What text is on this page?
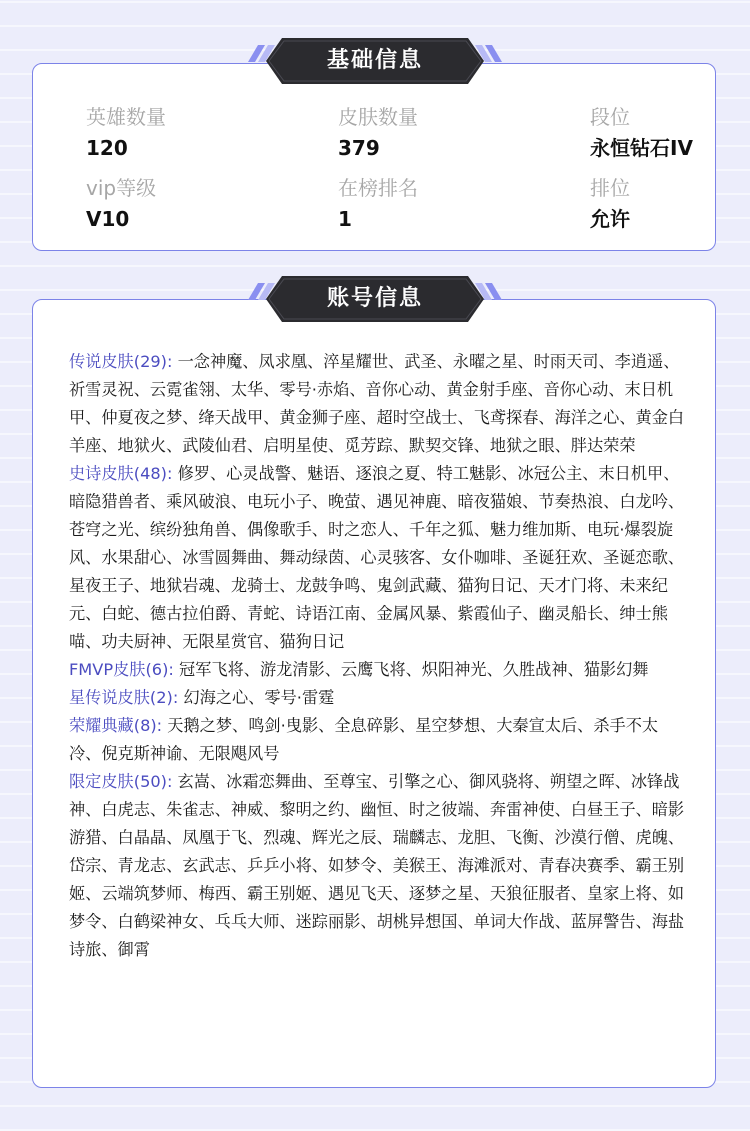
英雄数量
120
皮肤数量
379
段位
永恒钻石IV
vip等级
V10
在榜排名
1
排位
允许

传说皮肤(29): 一念神魔、凤求凰、淬星耀世、武圣、永曜之星、时雨天司、李逍遥、祈雪灵祝、云霓雀翎、太华、零号·赤焰、音你心动、黄金射手座、音你心动、末日机甲、仲夏夜之梦、绛天战甲、黄金狮子座、超时空战士、飞鸢探春、海洋之心、黄金白羊座、地狱火、武陵仙君、启明星使、觅芳踪、默契交锋、地狱之眼、胖达荣荣

史诗皮肤(48): 修罗、心灵战警、魅语、逐浪之夏、特工魅影、冰冠公主、末日机甲、暗隐猎兽者、乘风破浪、电玩小子、晚萤、遇见神鹿、暗夜猫娘、节奏热浪、白龙吟、苍穹之光、缤纷独角兽、偶像歌手、时之恋人、千年之狐、魅力维加斯、电玩·爆裂旋风、水果甜心、冰雪圆舞曲、舞动绿茵、心灵骇客、女仆咖啡、圣诞狂欢、圣诞恋歌、星夜王子、地狱岩魂、龙骑士、龙鼓争鸣、鬼剑武藏、猫狗日记、天才门将、未来纪元、白蛇、德古拉伯爵、青蛇、诗语江南、金属风暴、紫霞仙子、幽灵船长、绅士熊喵、功夫厨神、无限星赏官、猫狗日记

FMVP皮肤(6): 冠军飞将、游龙清影、云鹰飞将、炽阳神光、久胜战神、猫影幻舞

星传说皮肤(2): 幻海之心、零号·雷霆

荣耀典藏(8): 天鹅之梦、鸣剑·曳影、全息碎影、星空梦想、大秦宣太后、杀手不太冷、倪克斯神谕、无限飓风号

限定皮肤(50): 玄嵩、冰霜恋舞曲、至尊宝、引擎之心、御风骁将、朔望之晖、冰锋战神、白虎志、朱雀志、神威、黎明之约、幽恒、时之彼端、奔雷神使、白昼王子、暗影游猎、白晶晶、凤凰于飞、烈魂、辉光之辰、瑞麟志、龙胆、飞衡、沙漠行僧、虎魄、岱宗、青龙志、玄武志、乒乒小将、如梦令、美猴王、海滩派对、青春决赛季、霸王别姬、云端筑梦师、梅西、霸王别姬、遇见飞天、逐梦之星、天狼征服者、皇家上将、如梦令、白鹤梁神女、乓乓大师、迷踪丽影、胡桃异想国、单词大作战、蓝屏警告、海盐诗旅、御霄

基础信息
账号信息
